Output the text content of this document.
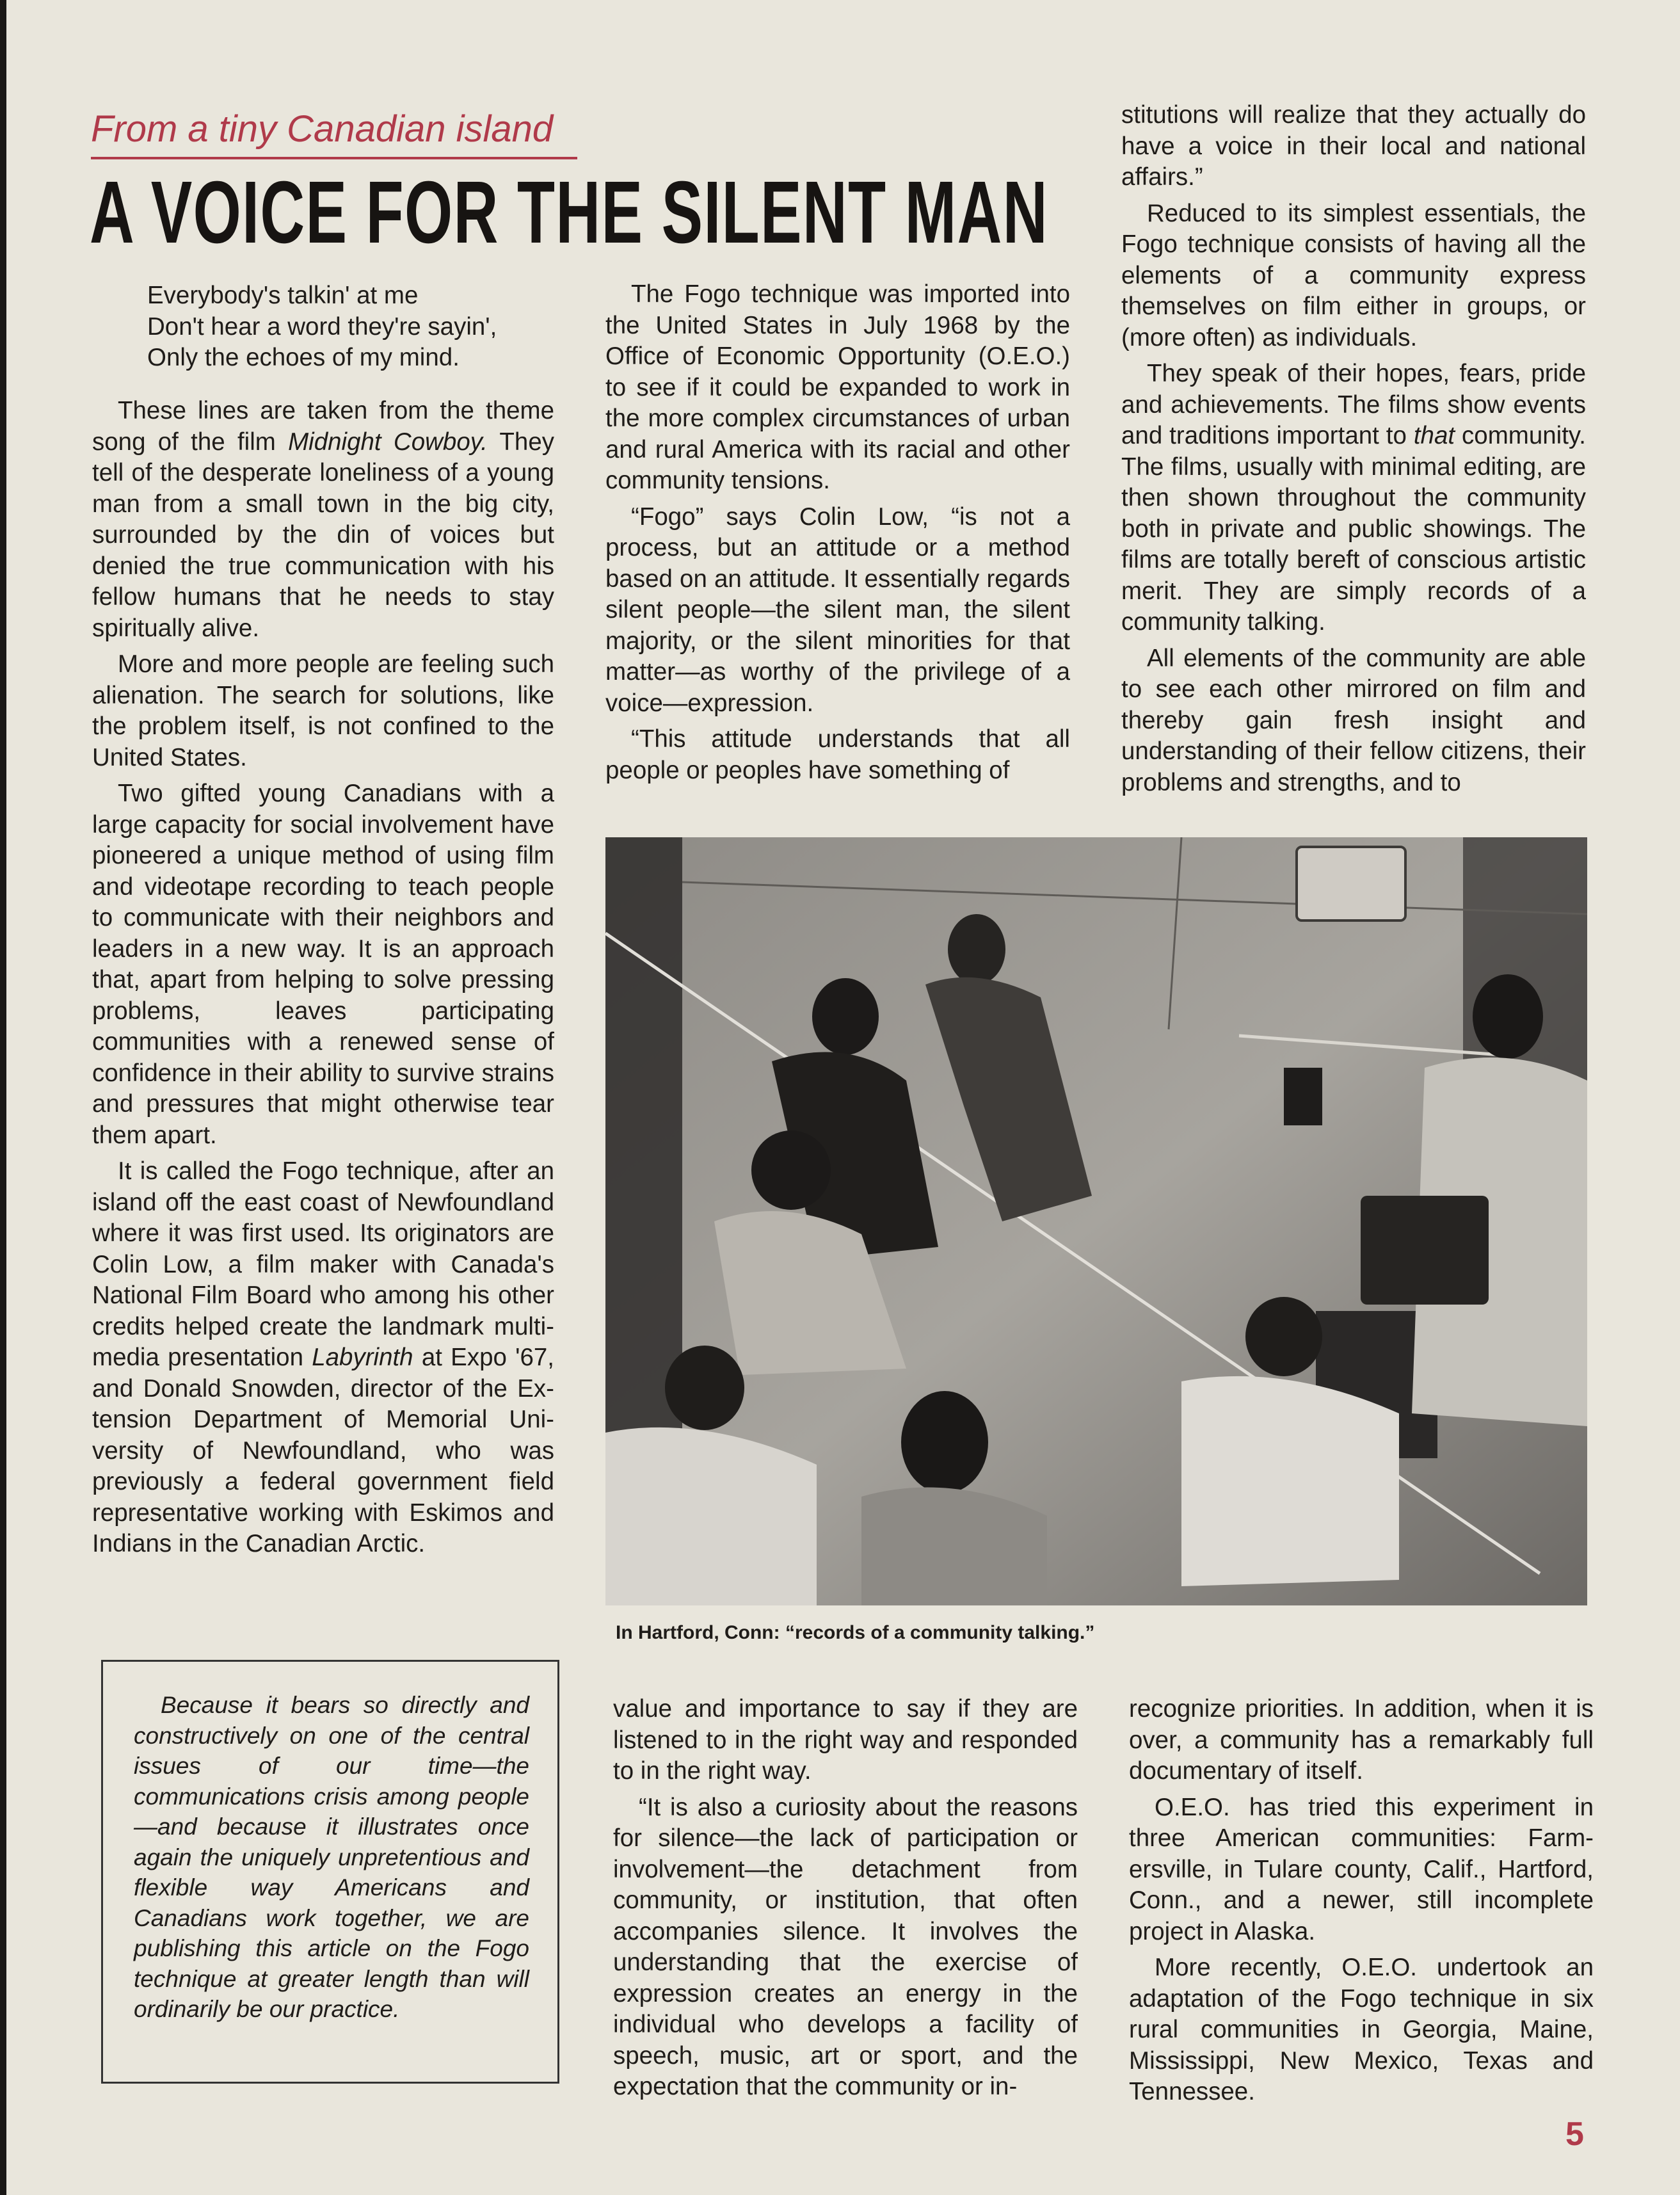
From a tiny Canadian island
A VOICE FOR THE SILENT MAN
Everybody's talkin' at me
Don't hear a word they're sayin',
Only the echoes of my mind.

These lines are taken from the theme song of the film Midnight Cowboy. They tell of the desperate loneliness of a young man from a small town in the big city, surrounded by the din of voices but denied the true communication with his fellow humans that he needs to stay spiritually alive.

More and more people are feeling such alienation. The search for solutions, like the problem itself, is not confined to the United States.

Two gifted young Canadians with a large capacity for social involvement have pioneered a unique method of using film and videotape recording to teach people to communicate with their neighbors and leaders in a new way. It is an approach that, apart from helping to solve pressing problems, leaves participating communities with a renewed sense of confidence in their ability to survive strains and pressures that might otherwise tear them apart.

It is called the Fogo technique, after an island off the east coast of Newfoundland where it was first used. Its originators are Colin Low, a film maker with Canada's National Film Board who among his other credits helped create the landmark multi-media presentation Labyrinth at Expo '67, and Donald Snowden, director of the Extension Department of Memorial University of Newfoundland, who was previously a federal government field representative working with Eskimos and Indians in the Canadian Arctic.

The Fogo technique was imported into the United States in July 1968 by the Office of Economic Opportunity (O.E.O.) to see if it could be expanded to work in the more complex circumstances of urban and rural America with its racial and other community tensions.

“Fogo” says Colin Low, “is not a process, but an attitude or a method based on an attitude. It essentially regards silent people—the silent man, the silent majority, or the silent minorities for that matter—as worthy of the privilege of a voice—expression.

“This attitude understands that all people or peoples have something of

stitutions will realize that they actually do have a voice in their local and national affairs.”

Reduced to its simplest essentials, the Fogo technique consists of having all the elements of a community express themselves on film either in groups, or (more often) as individuals.

They speak of their hopes, fears, pride and achievements. The films show events and traditions important to that community. The films, usually with minimal editing, are then shown throughout the community both in private and public showings. The films are totally bereft of conscious artistic merit. They are simply records of a community talking.

All elements of the community are able to see each other mirrored on film and thereby gain fresh insight and understanding of their fellow citizens, their problems and strengths, and to

In Hartford, Conn: “records of a community talking.”
Because it bears so directly and constructively on one of the central issues of our time—the communications crisis among people—and because it illustrates once again the uniquely unpretentious and flexible way Americans and Canadians work together, we are publishing this article on the Fogo technique at greater length than will ordinarily be our practice.

value and importance to say if they are listened to in the right way and responded to in the right way.

“It is also a curiosity about the reasons for silence—the lack of participation or involvement—the detachment from community, or institution, that often accompanies silence. It involves the understanding that the exercise of expression creates an energy in the individual who develops a facility of speech, music, art or sport, and the expectation that the community or in-

recognize priorities. In addition, when it is over, a community has a remarkably full documentary of itself.

O.E.O. has tried this experiment in three American communities: Farmersville, in Tulare county, Calif., Hartford, Conn., and a newer, still incomplete project in Alaska.

More recently, O.E.O. undertook an adaptation of the Fogo technique in six rural communities in Georgia, Maine, Mississippi, New Mexico, Texas and Tennessee.

5
